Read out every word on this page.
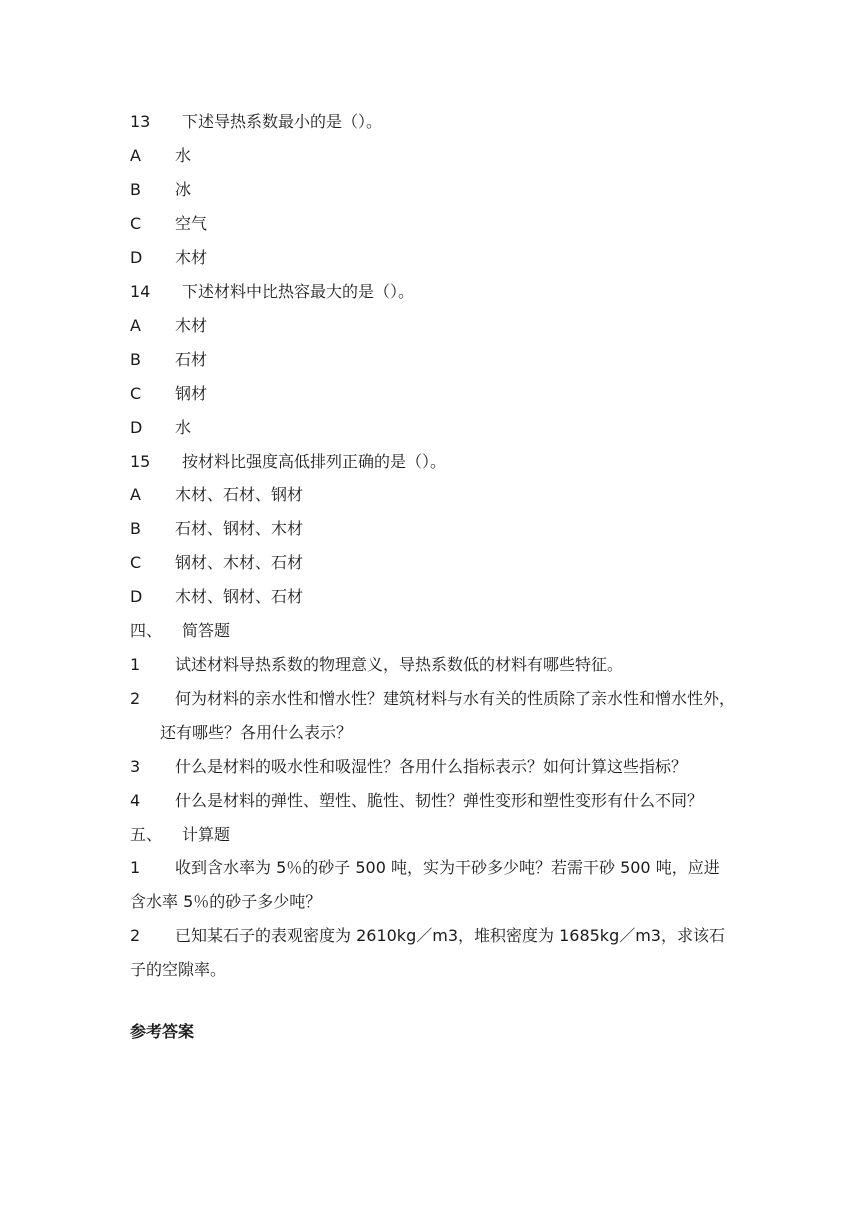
13 下述导热系数最小的是（）。
A 水
B 冰
C 空气
D 木材
14 下述材料中比热容最大的是（）。
A 木材
B 石材
C 钢材
D 水
15 按材料比强度高低排列正确的是（）。
A 木材、石材、钢材
B 石材、钢材、木材
C 钢材、木材、石材
D 木材、钢材、石材
四、 简答题
1 试述材料导热系数的物理意义，导热系数低的材料有哪些特征。
2	何为材料的亲水性和憎水性？建筑材料与水有关的性质除了亲水性和憎水性外，还有哪些？各用什么表示？
3 什么是材料的吸水性和吸湿性？各用什么指标表示？如何计算这些指标？
4 什么是材料的弹性、塑性、脆性、韧性？弹性变形和塑性变形有什么不同？
五、 计算题
1	收到含水率为 5％的砂子 500 吨，实为干砂多少吨？若需干砂 500 吨，应进含水率 5％的砂子多少吨？
2	已知某石子的表观密度为 2610kg／m3，堆积密度为 1685kg／m3，求该石子的空隙率。
参考答案
